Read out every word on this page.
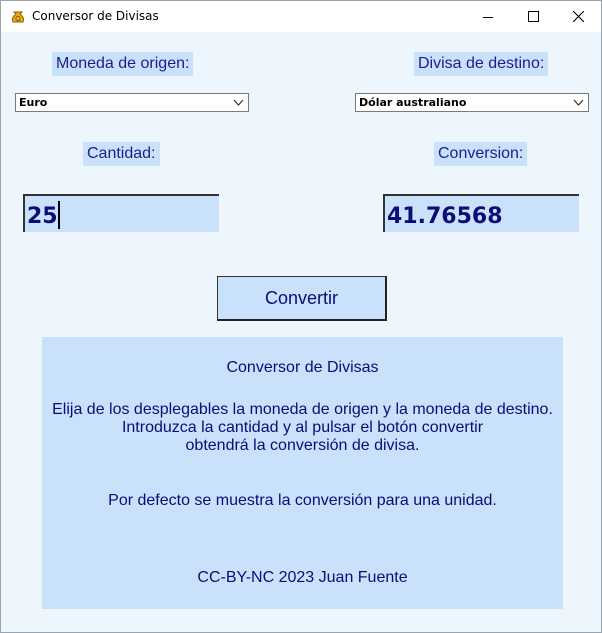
Conversor de Divisas
Moneda de origen:	Divisa de destino:
Euro	Dólar australiano
Cantidad:	Conversion:
25
41.76568
Convertir
Conversor de Divisas
Elija de los desplegables la moneda de origen y la moneda de destino.
Introduzca la cantidad y al pulsar el botón convertir
obtendrá la conversión de divisa.
Por defecto se muestra la conversión para una unidad.
CC-BY-NC 2023 Juan Fuente
